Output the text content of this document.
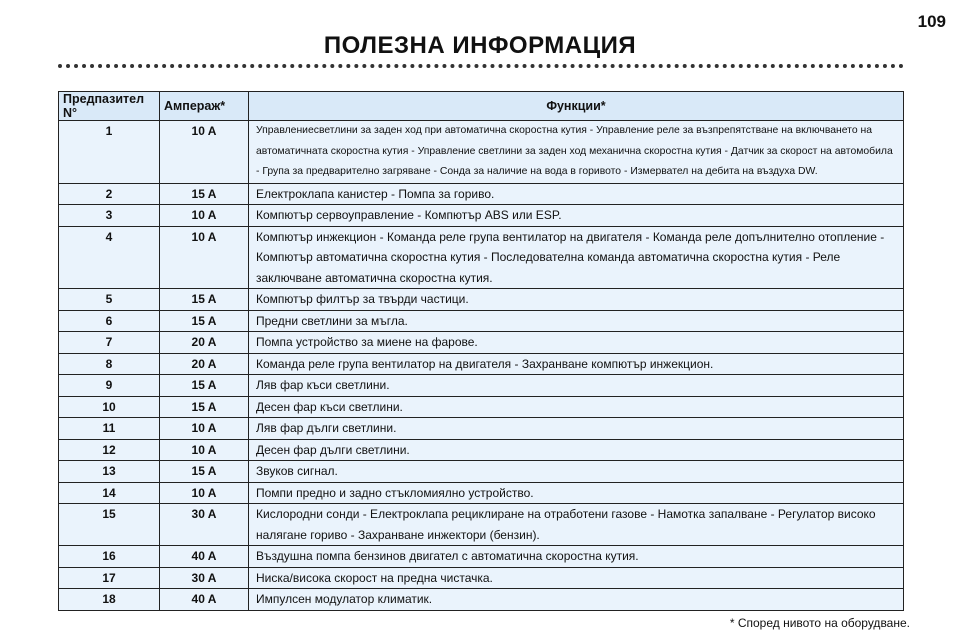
109
ПОЛЕЗНА ИНФОРМАЦИЯ
Предпазител N°	Ампераж*	Функции*
1	10 A	Управлениесветлини за заден ход при автоматична скоростна кутия - Управление реле за възпрепятстване на включването на автоматичната скоростна кутия - Управление светлини за заден ход механична скоростна кутия - Датчик за скорост на автомобила - Група за предварително загряване - Сонда за наличие на вода в горивото - Измервател на дебита на въздуха DW.
2	15 A	Електроклапа канистер - Помпа за гориво.
3	10 A	Компютър сервоуправление - Компютър ABS или ESP.
4	10 A	Компютър инжекцион - Команда реле група вентилатор на двигателя - Команда реле допълнително отопление - Компютър автоматична скоростна кутия - Последователна команда автоматична скоростна кутия - Реле заключване автоматична скоростна кутия.
5	15 A	Компютър филтър за твърди частици.
6	15 A	Предни светлини за мъгла.
7	20 A	Помпа устройство за миене на фарове.
8	20 A	Команда реле група вентилатор на двигателя - Захранване компютър инжекцион.
9	15 A	Ляв фар къси светлини.
10	15 A	Десен фар къси светлини.
11	10 A	Ляв фар дълги светлини.
12	10 A	Десен фар дълги светлини.
13	15 A	Звуков сигнал.
14	10 A	Помпи предно и задно стъкломиялно устройство.
15	30 A	Кислородни сонди - Електроклапа рециклиране на отработени газове - Намотка запалване - Регулатор високо налягане гориво - Захранване инжектори (бензин).
16	40 A	Въздушна помпа бензинов двигател с автоматична скоростна кутия.
17	30 A	Ниска/висока скорост на предна чистачка.
18	40 A	Импулсен модулатор климатик.
* Според нивото на оборудване.
